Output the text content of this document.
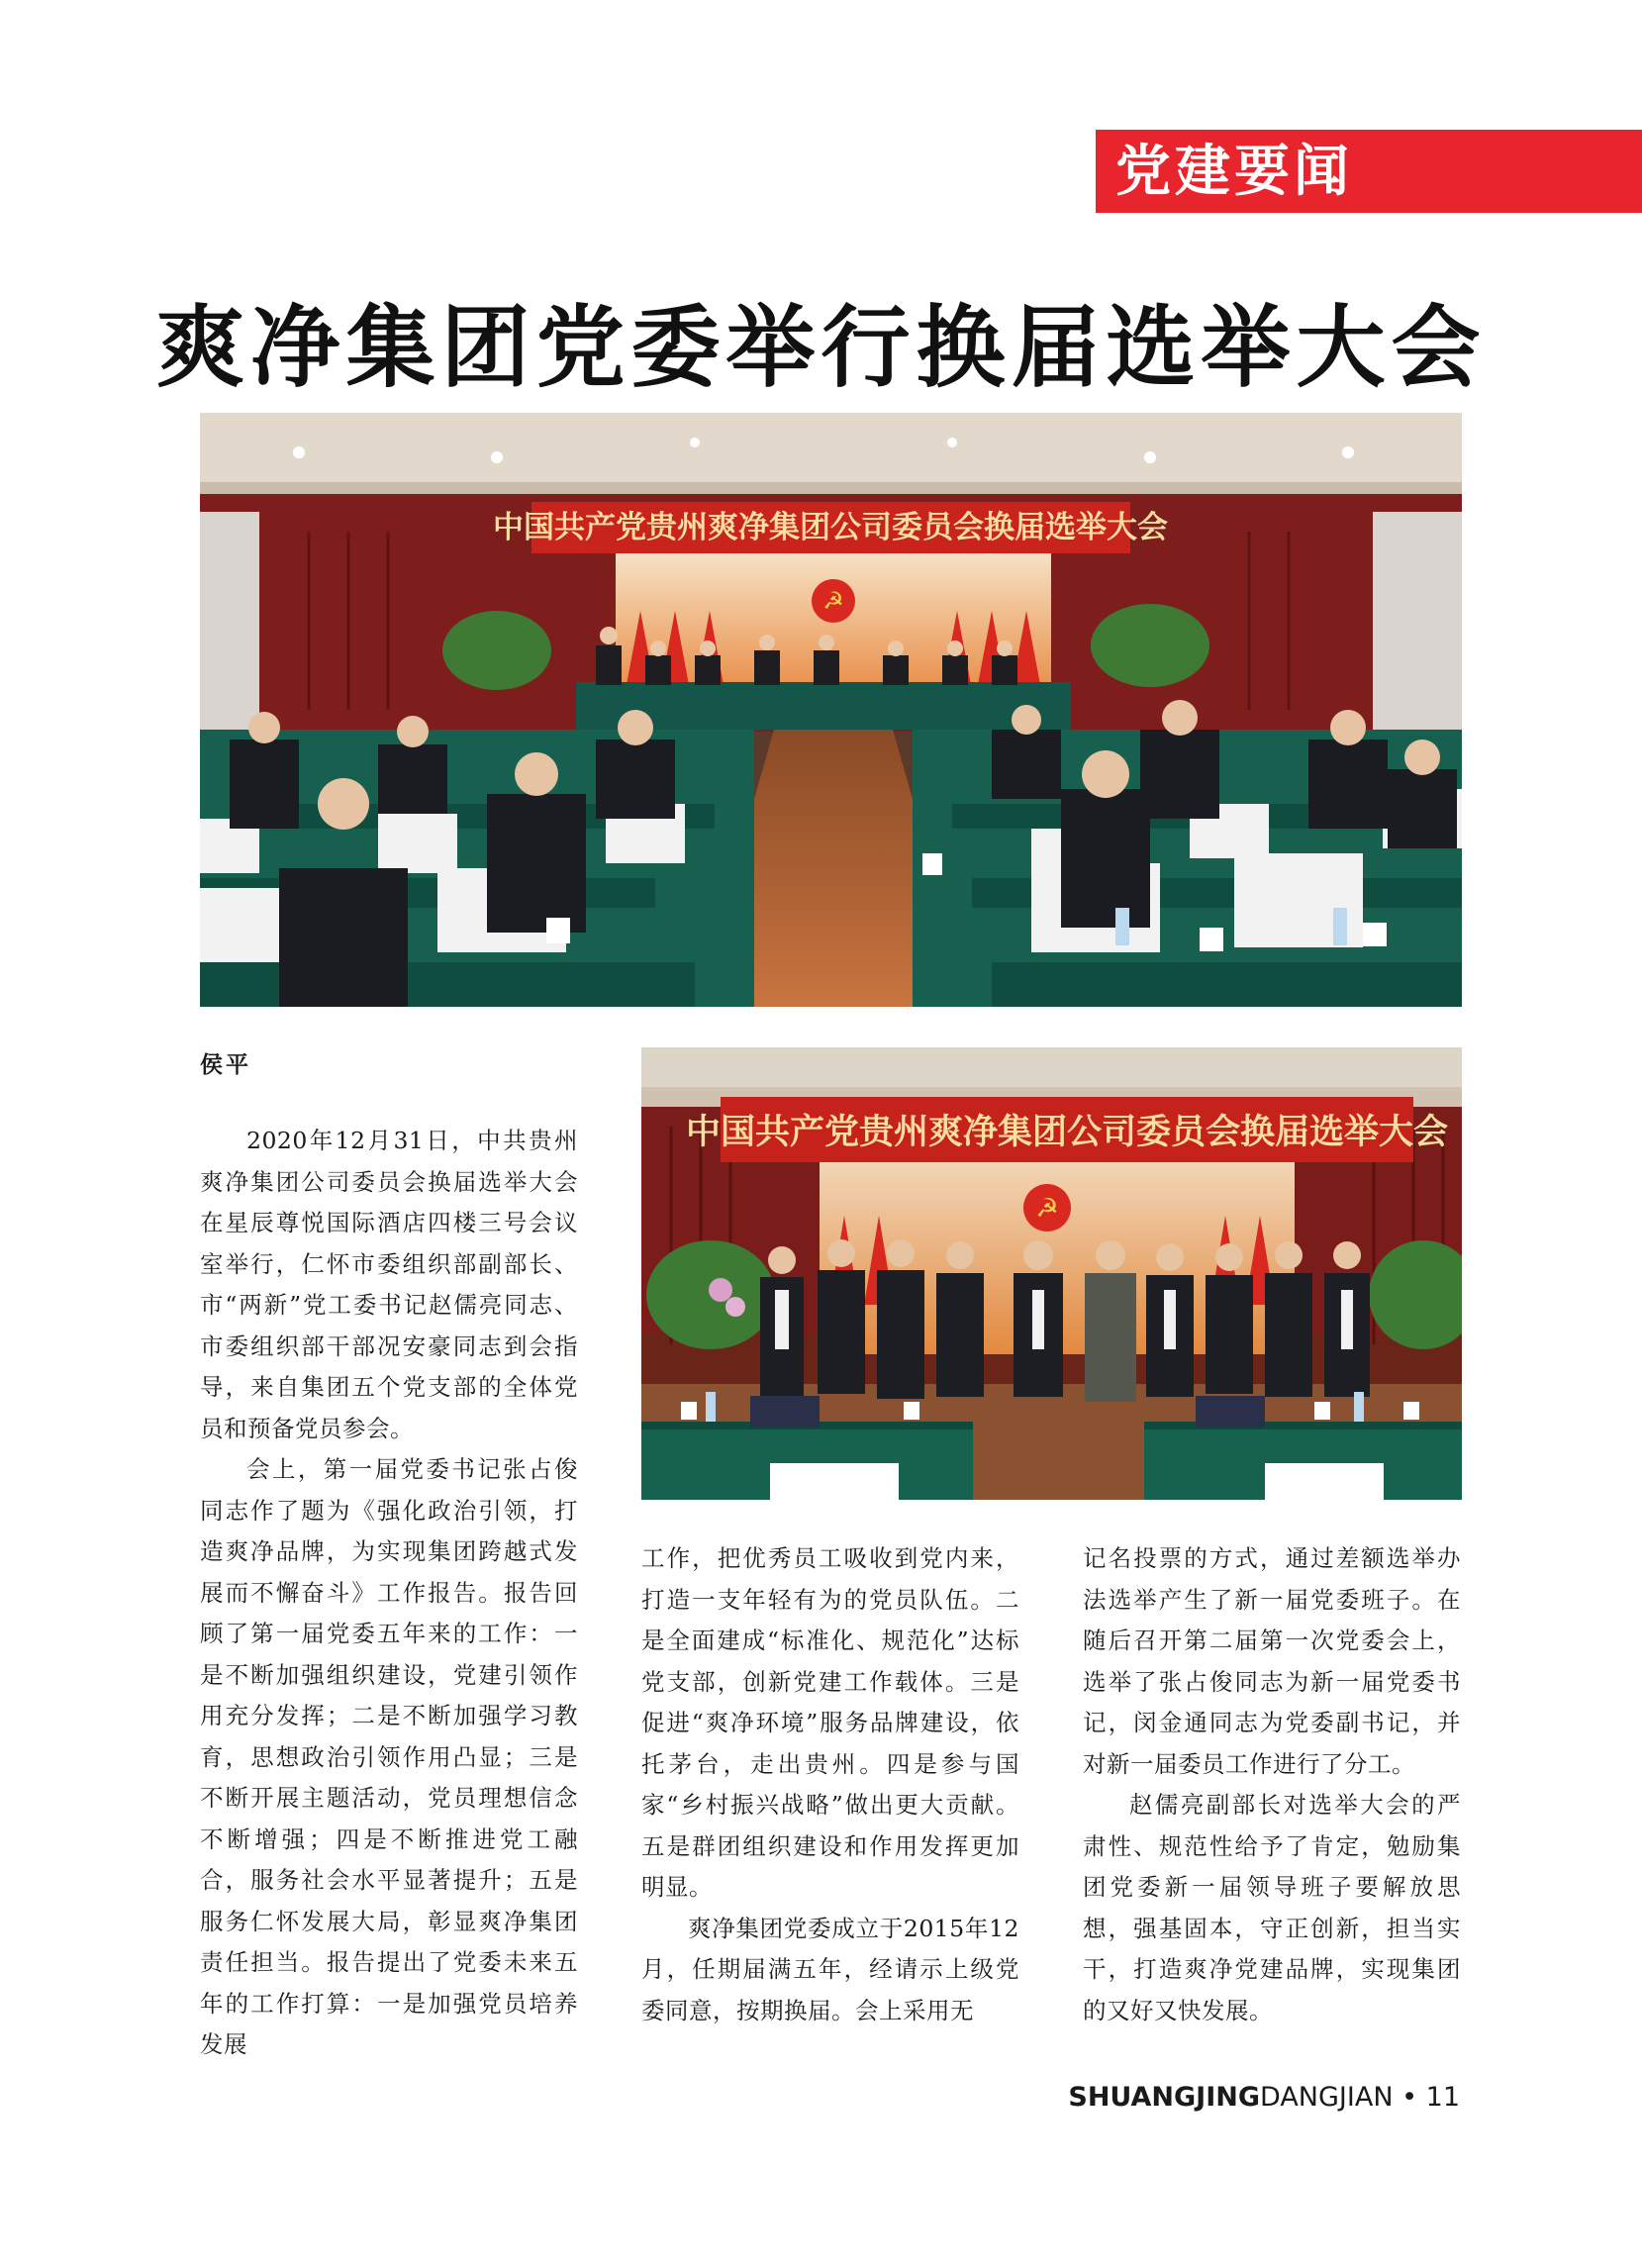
党建要闻
爽净集团党委举行换届选举大会
☭
中国共产党贵州爽净集团公司委员会换届选举大会
侯平
☭
中国共产党贵州爽净集团公司委员会换届选举大会

2020年12月31日，中共贵州爽净集团公司委员会换届选举大会在星辰尊悦国际酒店四楼三号会议室举行，仁怀市委组织部副部长、市“两新”党工委书记赵儒亮同志、市委组织部干部况安豪同志到会指导，来自集团五个党支部的全体党员和预备党员参会。

会上，第一届党委书记张占俊同志作了题为《强化政治引领，打造爽净品牌，为实现集团跨越式发展而不懈奋斗》工作报告。报告回顾了第一届党委五年来的工作：一是不断加强组织建设，党建引领作用充分发挥；二是不断加强学习教育，思想政治引领作用凸显；三是不断开展主题活动，党员理想信念不断增强；四是不断推进党工融合，服务社会水平显著提升；五是服务仁怀发展大局，彰显爽净集团责任担当。报告提出了党委未来五年的工作打算：一是加强党员培养发展

工作，把优秀员工吸收到党内来，打造一支年轻有为的党员队伍。二是全面建成“标准化、规范化”达标党支部，创新党建工作载体。三是促进“爽净环境”服务品牌建设，依托茅台，走出贵州。四是参与国家“乡村振兴战略”做出更大贡献。五是群团组织建设和作用发挥更加明显。

爽净集团党委成立于2015年12月，任期届满五年，经请示上级党委同意，按期换届。会上采用无

记名投票的方式，通过差额选举办法选举产生了新一届党委班子。在随后召开第二届第一次党委会上，选举了张占俊同志为新一届党委书记，闵金通同志为党委副书记，并对新一届委员工作进行了分工。

赵儒亮副部长对选举大会的严肃性、规范性给予了肯定，勉励集团党委新一届领导班子要解放思想，强基固本，守正创新，担当实干，打造爽净党建品牌，实现集团的又好又快发展。

SHUANGJINGDANGJIAN • 11
